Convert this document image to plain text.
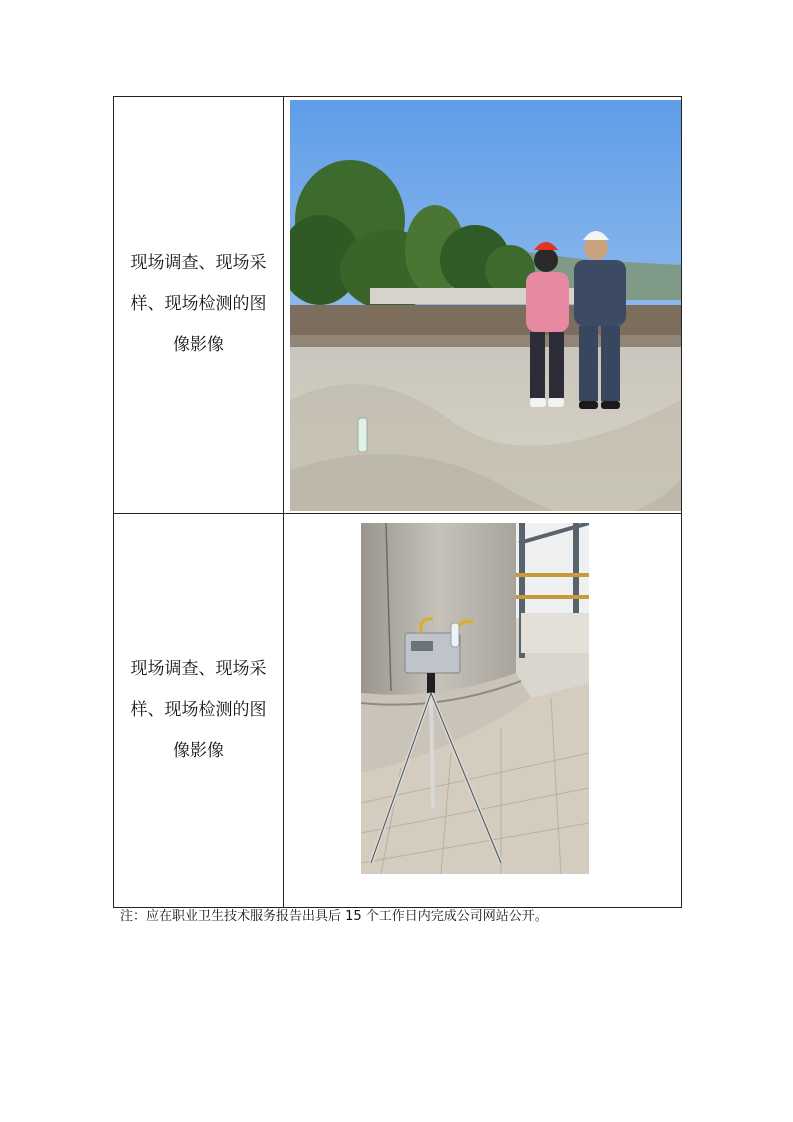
现场调查、现场采样、现场检测的图像影像

现场调查、现场采样、现场检测的图像影像

注：应在职业卫生技术服务报告出具后 15 个工作日内完成公司网站公开。
